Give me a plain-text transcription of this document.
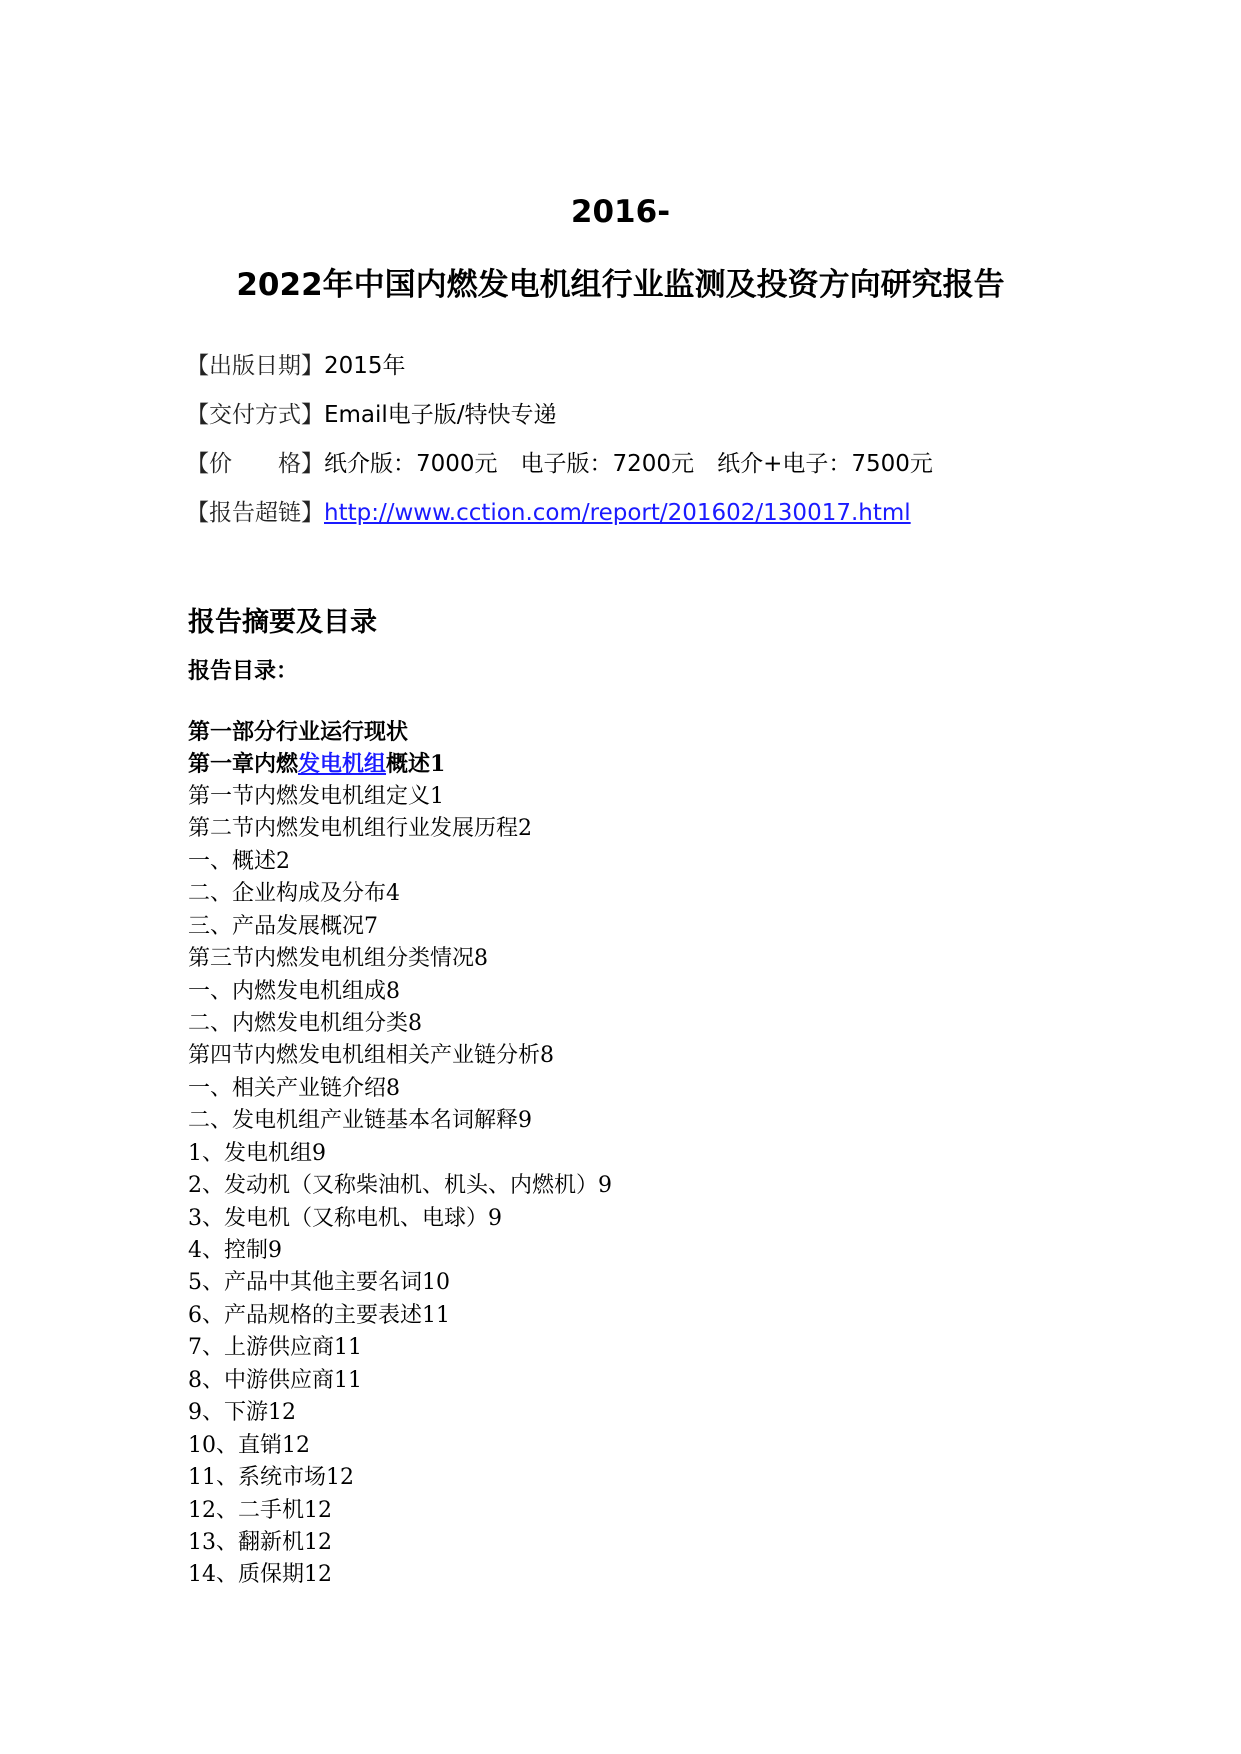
2016-
2022年中国内燃发电机组行业监测及投资方向研究报告
【出版日期】2015年
【交付方式】Email电子版/特快专递
【价　　格】纸介版：7000元　电子版：7200元　纸介+电子：7500元
【报告超链】http://www.cction.com/report/201602/130017.html
报告摘要及目录
报告目录：
第一部分行业运行现状
第一章内燃发电机组概述1
第一节内燃发电机组定义1
第二节内燃发电机组行业发展历程2
一、概述2
二、企业构成及分布4
三、产品发展概况7
第三节内燃发电机组分类情况8
一、内燃发电机组成8
二、内燃发电机组分类8
第四节内燃发电机组相关产业链分析8
一、相关产业链介绍8
二、发电机组产业链基本名词解释9
1、发电机组9
2、发动机（又称柴油机、机头、内燃机）9
3、发电机（又称电机、电球）9
4、控制9
5、产品中其他主要名词10
6、产品规格的主要表述11
7、上游供应商11
8、中游供应商11
9、下游12
10、直销12
11、系统市场12
12、二手机12
13、翻新机12
14、质保期12
